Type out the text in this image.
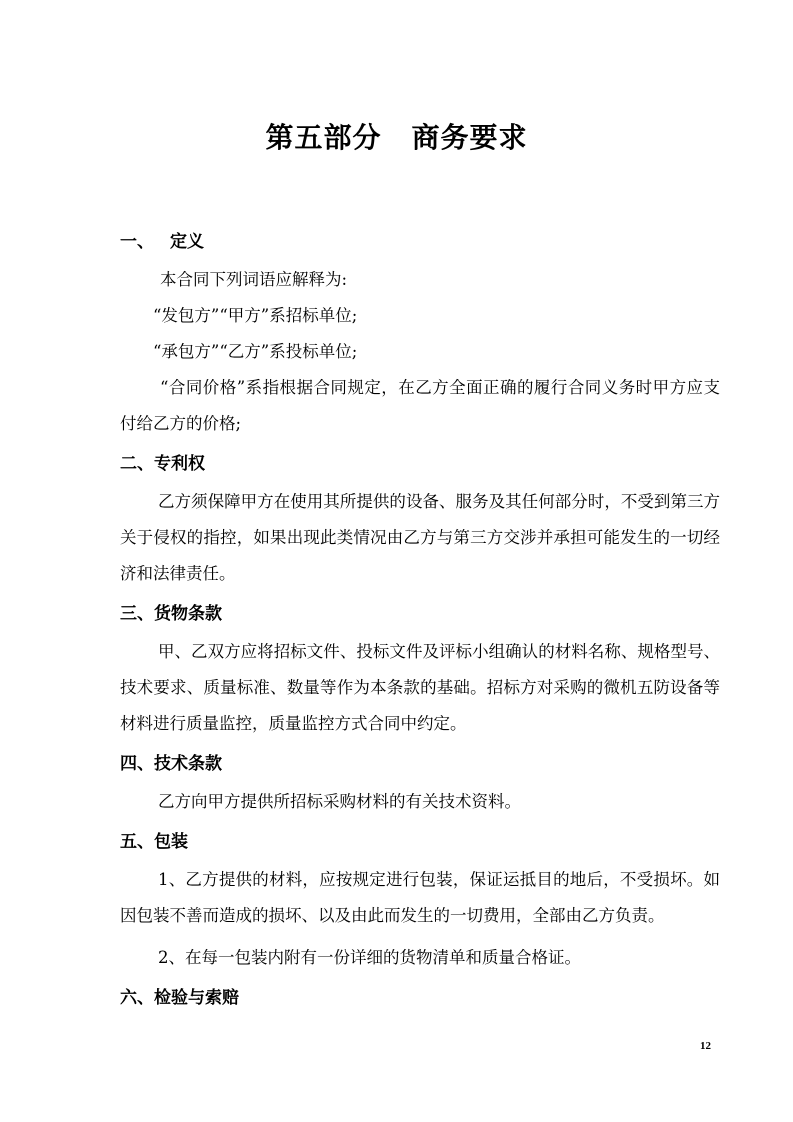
第五部分 商务要求
一、 定义

本合同下列词语应解释为:

“发包方”“甲方”系招标单位;

“承包方”“乙方”系投标单位;

“合同价格”系指根据合同规定，在乙方全面正确的履行合同义务时甲方应支付给乙方的价格;

二、专利权

乙方须保障甲方在使用其所提供的设备、服务及其任何部分时，不受到第三方关于侵权的指控，如果出现此类情况由乙方与第三方交涉并承担可能发生的一切经济和法律责任。

三、货物条款

甲、乙双方应将招标文件、投标文件及评标小组确认的材料名称、规格型号、技术要求、质量标准、数量等作为本条款的基础。招标方对采购的微机五防设备等材料进行质量监控，质量监控方式合同中约定。

四、技术条款

乙方向甲方提供所招标采购材料的有关技术资料。

五、包装

1、乙方提供的材料，应按规定进行包装，保证运抵目的地后，不受损坏。如因包装不善而造成的损坏、以及由此而发生的一切费用，全部由乙方负责。

2、在每一包装内附有一份详细的货物清单和质量合格证。

六、检验与索赔
12
